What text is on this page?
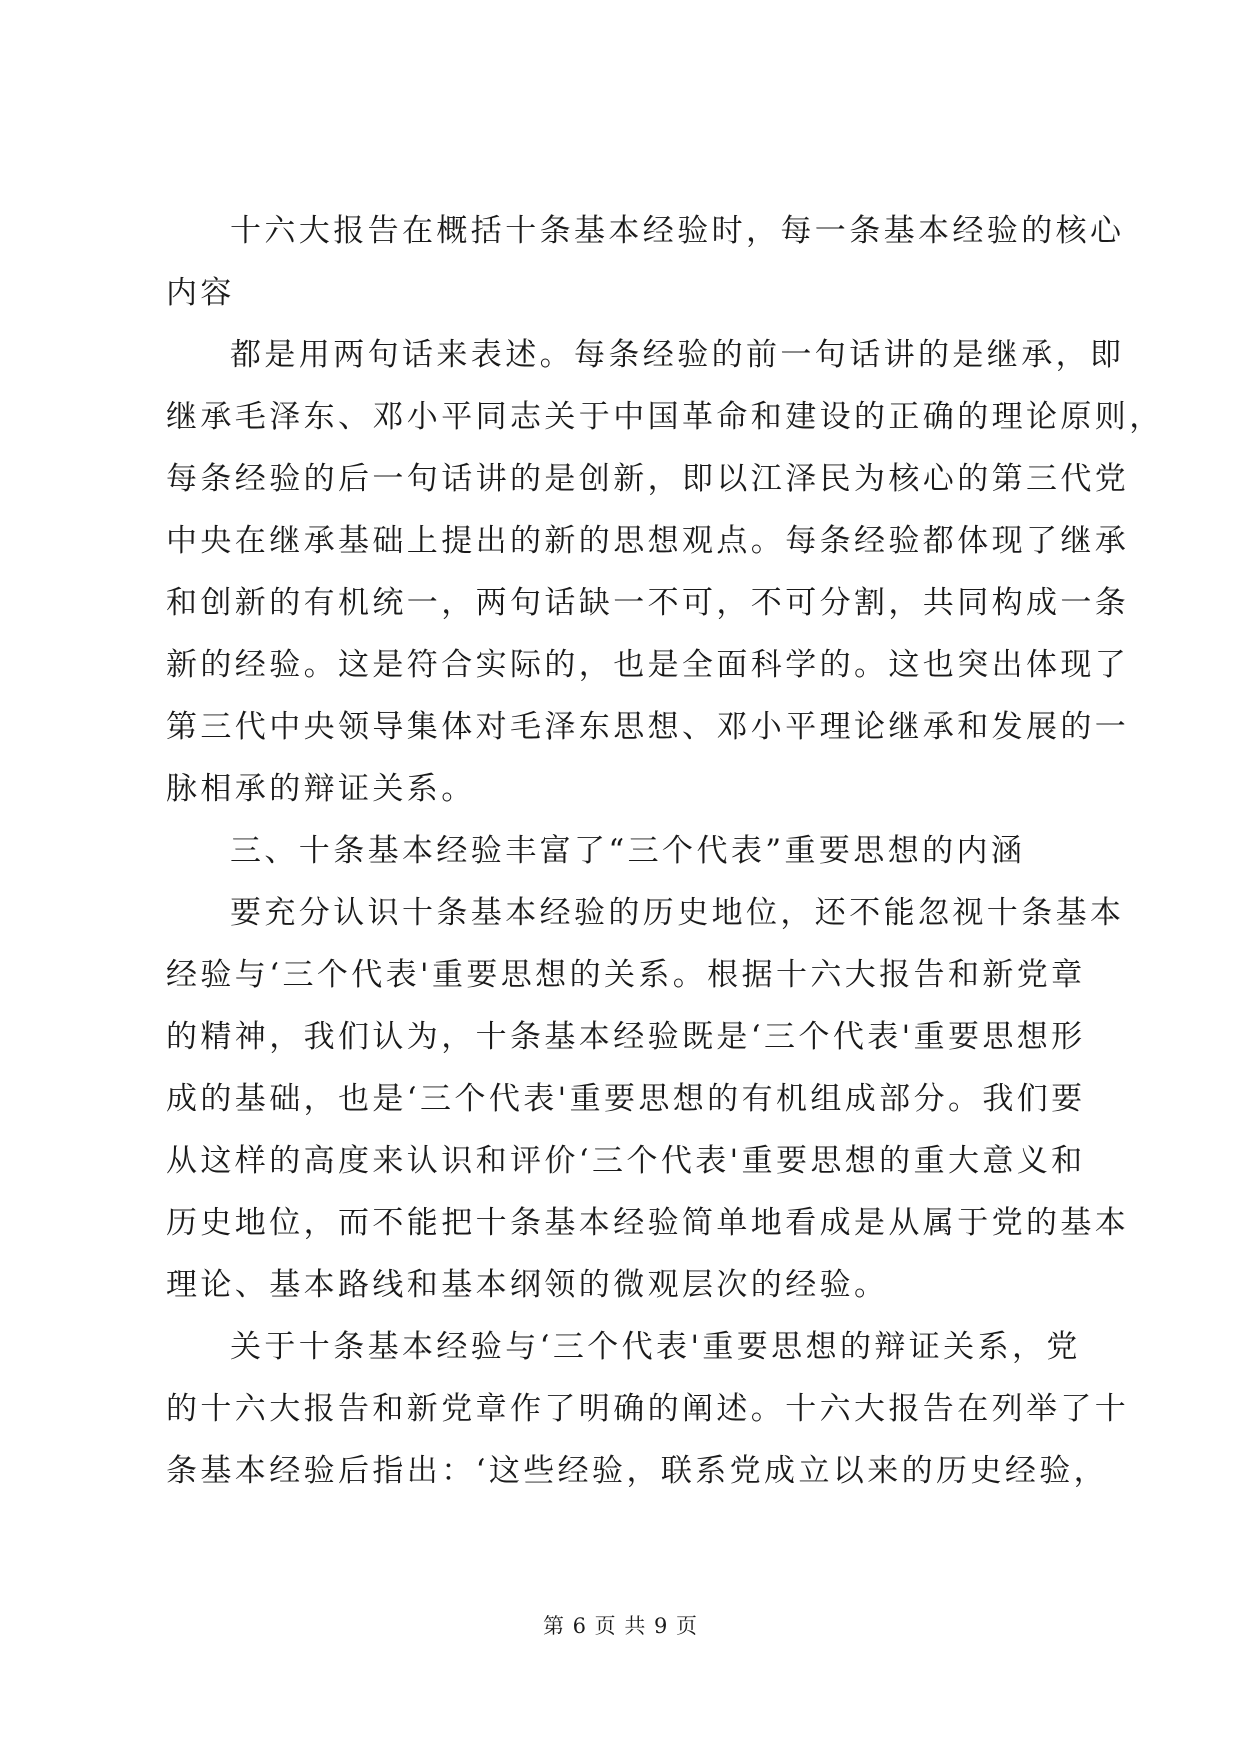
十六大报告在概括十条基本经验时，每一条基本经验的核心
内容
都是用两句话来表述。每条经验的前一句话讲的是继承，即
继承毛泽东、邓小平同志关于中国革命和建设的正确的理论原则，
每条经验的后一句话讲的是创新，即以江泽民为核心的第三代党
中央在继承基础上提出的新的思想观点。每条经验都体现了继承
和创新的有机统一，两句话缺一不可，不可分割，共同构成一条
新的经验。这是符合实际的，也是全面科学的。这也突出体现了
第三代中央领导集体对毛泽东思想、邓小平理论继承和发展的一
脉相承的辩证关系。
三、十条基本经验丰富了“三个代表”重要思想的内涵
要充分认识十条基本经验的历史地位，还不能忽视十条基本
经验与‘三个代表'重要思想的关系。根据十六大报告和新党章
的精神，我们认为，十条基本经验既是‘三个代表'重要思想形
成的基础，也是‘三个代表'重要思想的有机组成部分。我们要
从这样的高度来认识和评价‘三个代表'重要思想的重大意义和
历史地位，而不能把十条基本经验简单地看成是从属于党的基本
理论、基本路线和基本纲领的微观层次的经验。
关于十条基本经验与‘三个代表'重要思想的辩证关系，党
的十六大报告和新党章作了明确的阐述。十六大报告在列举了十
条基本经验后指出：‘这些经验，联系党成立以来的历史经验，
第 6 页 共 9 页
